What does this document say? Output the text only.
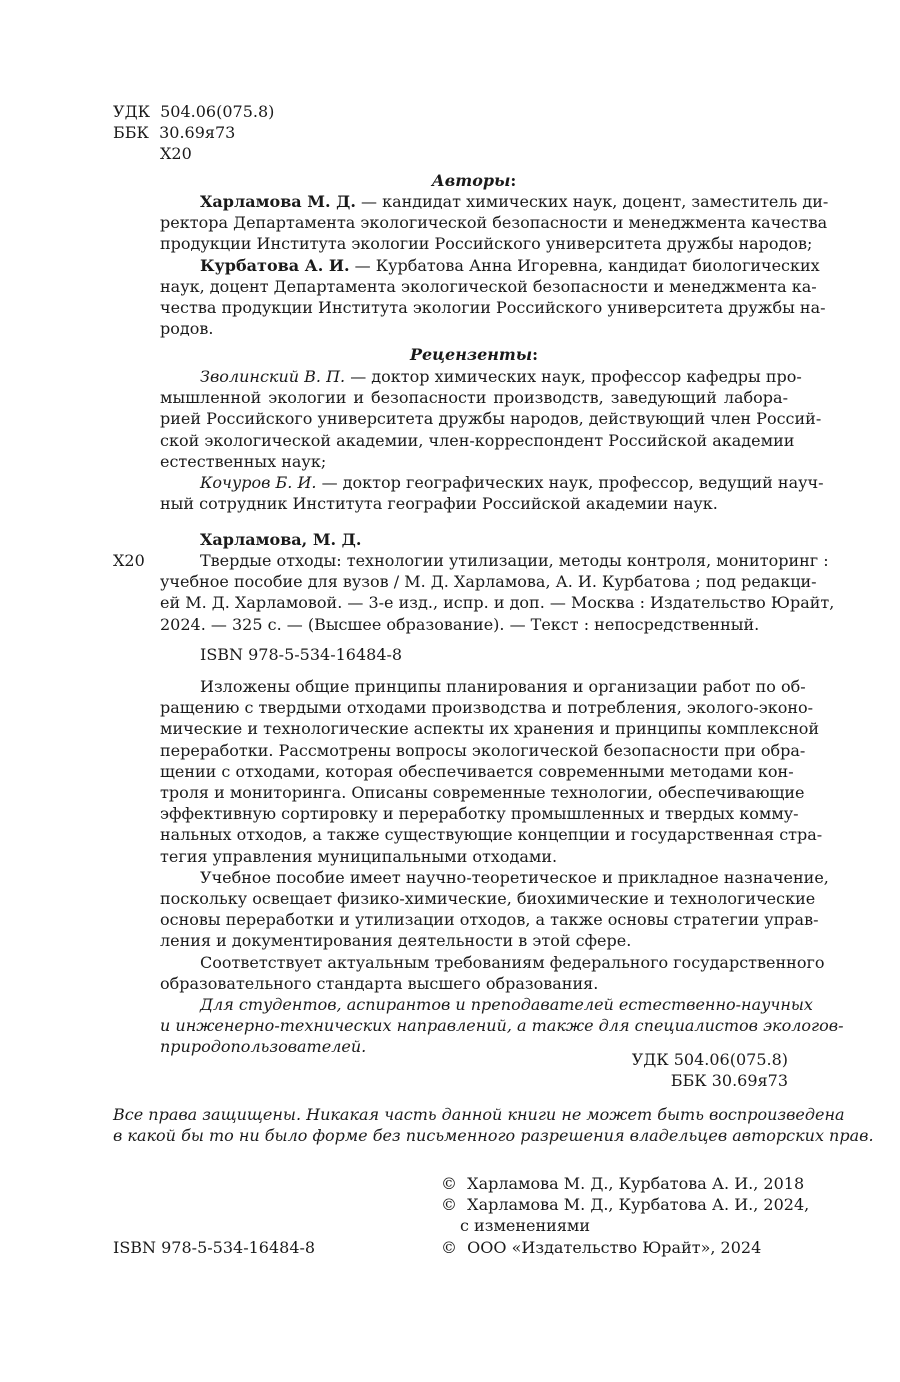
УДК 504.06(075.8)
ББК 30.69я73
Х20
Авторы:
Харламова М. Д. — кандидат химических наук, доцент, заместитель ди-
ректора Департамента экологической безопасности и менеджмента качества
продукции Института экологии Российского университета дружбы народов;
Курбатова А. И. — Курбатова Анна Игоревна, кандидат биологических
наук, доцент Департамента экологической безопасности и менеджмента ка-
чества продукции Института экологии Российского университета дружбы на-
родов.
Рецензенты:
Зволинский В. П. — доктор химических наук, профессор кафедры про-
мышленной экологии и безопасности производств, заведующий лабора-
рией Российского университета дружбы народов, действующий член Россий-
ской экологической академии, член-корреспондент Российской академии
естественных наук;
Кочуров Б. И. — доктор географических наук, профессор, ведущий науч-
ный сотрудник Института географии Российской академии наук.
Харламова, М. Д.
Х20	Твердые отходы: технологии утилизации, методы контроля, мониторинг :
учебное пособие для вузов / М. Д. Харламова, А. И. Курбатова ; под редакци-
ей М. Д. Харламовой. — 3-е изд., испр. и доп. — Москва : Издательство Юрайт,
2024. — 325 с. — (Высшее образование). — Текст : непосредственный.
ISBN 978-5-534-16484-8
Изложены общие принципы планирования и организации работ по об-
ращению с твердыми отходами производства и потребления, эколого-эконо-
мические и технологические аспекты их хранения и принципы комплексной
переработки. Рассмотрены вопросы экологической безопасности при обра-
щении с отходами, которая обеспечивается современными методами кон-
троля и мониторинга. Описаны современные технологии, обеспечивающие
эффективную сортировку и переработку промышленных и твердых комму-
нальных отходов, а также существующие концепции и государственная стра-
тегия управления муниципальными отходами.
Учебное пособие имеет научно-теоретическое и прикладное назначение,
поскольку освещает физико-химические, биохимические и технологические
основы переработки и утилизации отходов, а также основы стратегии управ-
ления и документирования деятельности в этой сфере.
Соответствует актуальным требованиям федерального государственного
образовательного стандарта высшего образования.
Для студентов, аспирантов и преподавателей естественно-научных
и инженерно-технических направлений, а также для специалистов экологов-
природопользователей.
УДК 504.06(075.8)
ББК 30.69я73
Все права защищены. Никакая часть данной книги не может быть воспроизведена
в какой бы то ни было форме без письменного разрешения владельцев авторских прав.
© Харламова М. Д., Курбатова А. И., 2018
© Харламова М. Д., Курбатова А. И., 2024,
с изменениями
ISBN 978-5-534-16484-8	© ООО «Издательство Юрайт», 2024
